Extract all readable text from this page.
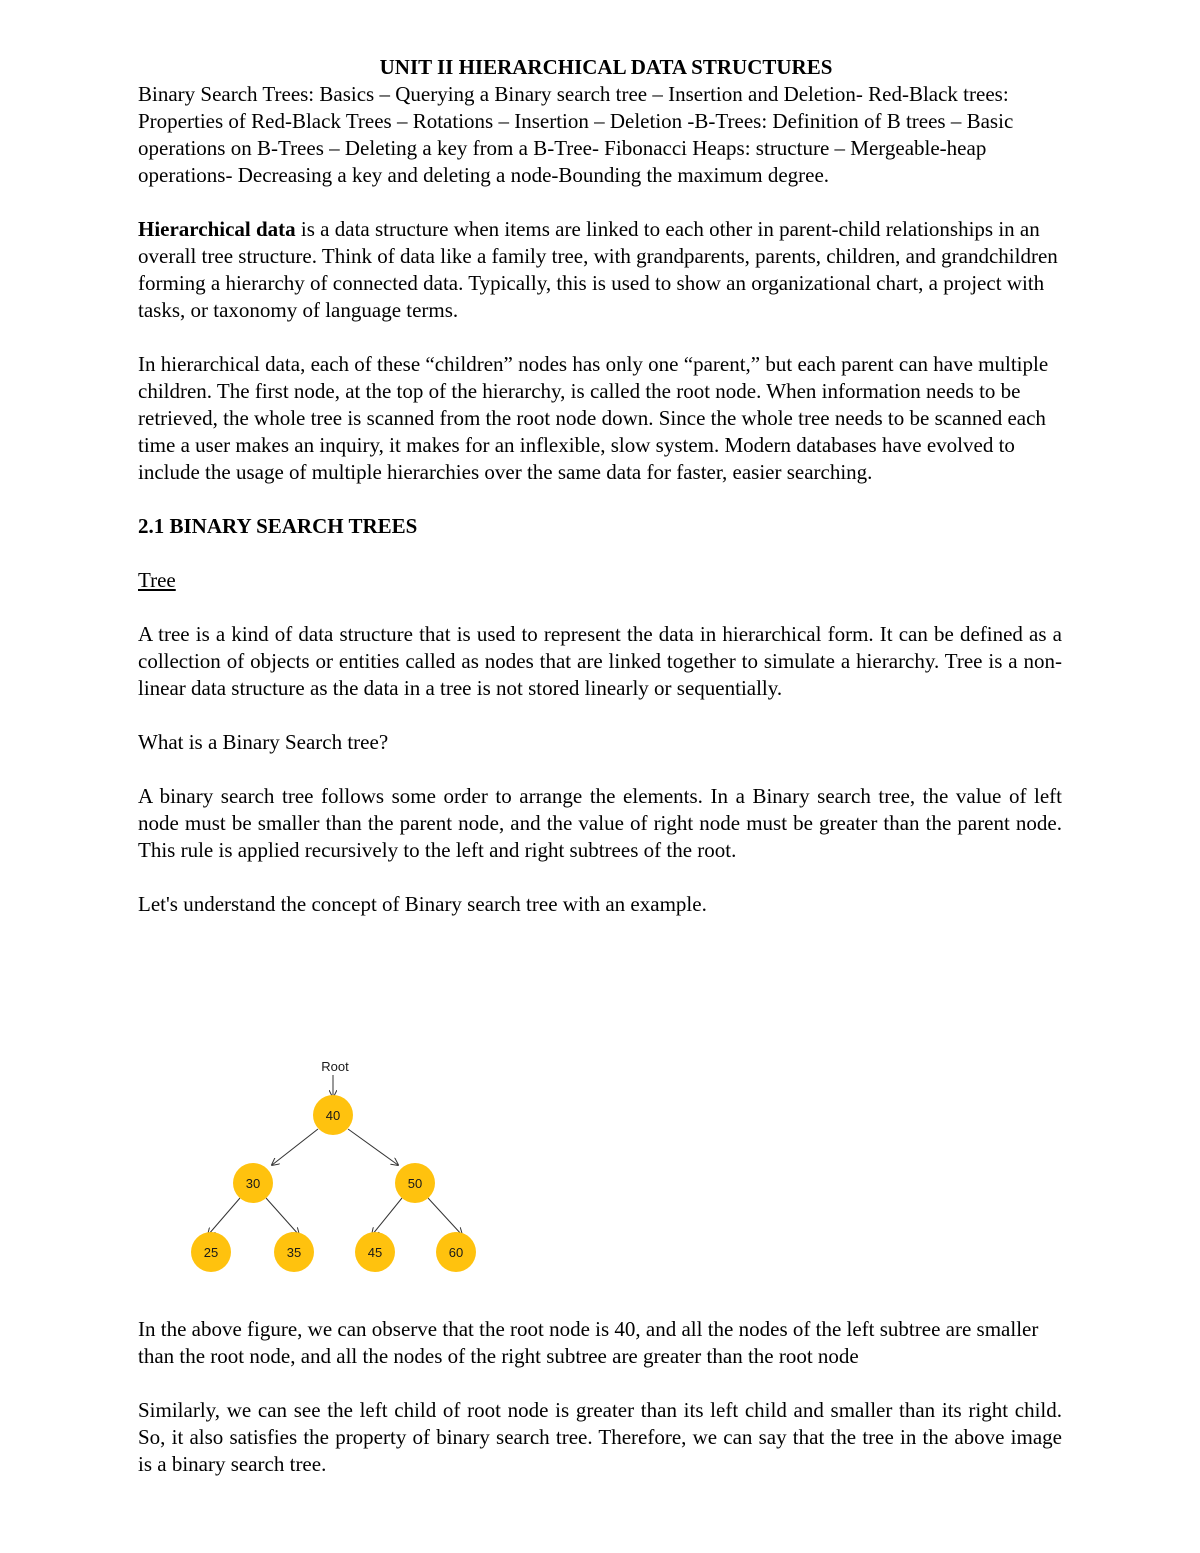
UNIT II HIERARCHICAL DATA STRUCTURES

Binary Search Trees: Basics – Querying a Binary search tree – Insertion and Deletion- Red-Black trees: Properties of Red-Black Trees – Rotations – Insertion – Deletion -B-Trees: Definition of B trees – Basic operations on B-Trees – Deleting a key from a B-Tree- Fibonacci Heaps: structure – Mergeable-heap operations- Decreasing a key and deleting a node-Bounding the maximum degree.

Hierarchical data is a data structure when items are linked to each other in parent-child relationships in an overall tree structure. Think of data like a family tree, with grandparents, parents, children, and grandchildren forming a hierarchy of connected data. Typically, this is used to show an organizational chart, a project with tasks, or taxonomy of language terms.

In hierarchical data, each of these “children” nodes has only one “parent,” but each parent can have multiple children. The first node, at the top of the hierarchy, is called the root node. When information needs to be retrieved, the whole tree is scanned from the root node down. Since the whole tree needs to be scanned each time a user makes an inquiry, it makes for an inflexible, slow system. Modern databases have evolved to include the usage of multiple hierarchies over the same data for faster, easier searching.

2.1 BINARY SEARCH TREES

Tree

A tree is a kind of data structure that is used to represent the data in hierarchical form. It can be defined as a collection of objects or entities called as nodes that are linked together to simulate a hierarchy. Tree is a non-linear data structure as the data in a tree is not stored linearly or sequentially.

What is a Binary Search tree?

A binary search tree follows some order to arrange the elements. In a Binary search tree, the value of left node must be smaller than the parent node, and the value of right node must be greater than the parent node. This rule is applied recursively to the left and right subtrees of the root.

Let's understand the concept of Binary search tree with an example.

Root
40
30	50
25	35	45	60

In the above figure, we can observe that the root node is 40, and all the nodes of the left subtree are smaller than the root node, and all the nodes of the right subtree are greater than the root node

Similarly, we can see the left child of root node is greater than its left child and smaller than its right child. So, it also satisfies the property of binary search tree. Therefore, we can say that the tree in the above image is a binary search tree.
